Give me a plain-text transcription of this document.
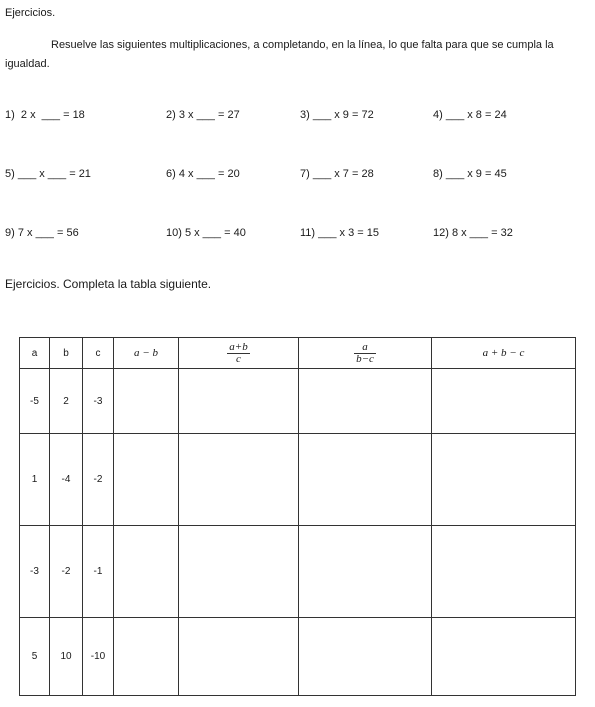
Ejercicios.
Resuelve las siguientes multiplicaciones, a completando, en la línea, lo que falta para que se cumpla la igualdad.
1)  2 x  ___ = 18	2) 3 x ___ = 27	3) ___ x 9 = 72	4) ___ x 8 = 24
5) ___ x ___ = 21	6) 4 x ___ = 20	7) ___ x 7 = 28	8) ___ x 9 = 45
9) 7 x ___ = 56	10) 5 x ___ = 40	11) ___ x 3 = 15	12) 8 x ___ = 32
Ejercicios. Completa la tabla siguiente.
a	b	c	a − b	$\frac{a+b}{c}$	$\frac{a}{b-c}$	a + b − c
-5	2	-3				
1	-4	-2				
-3	-2	-1				
5	10	-10				
